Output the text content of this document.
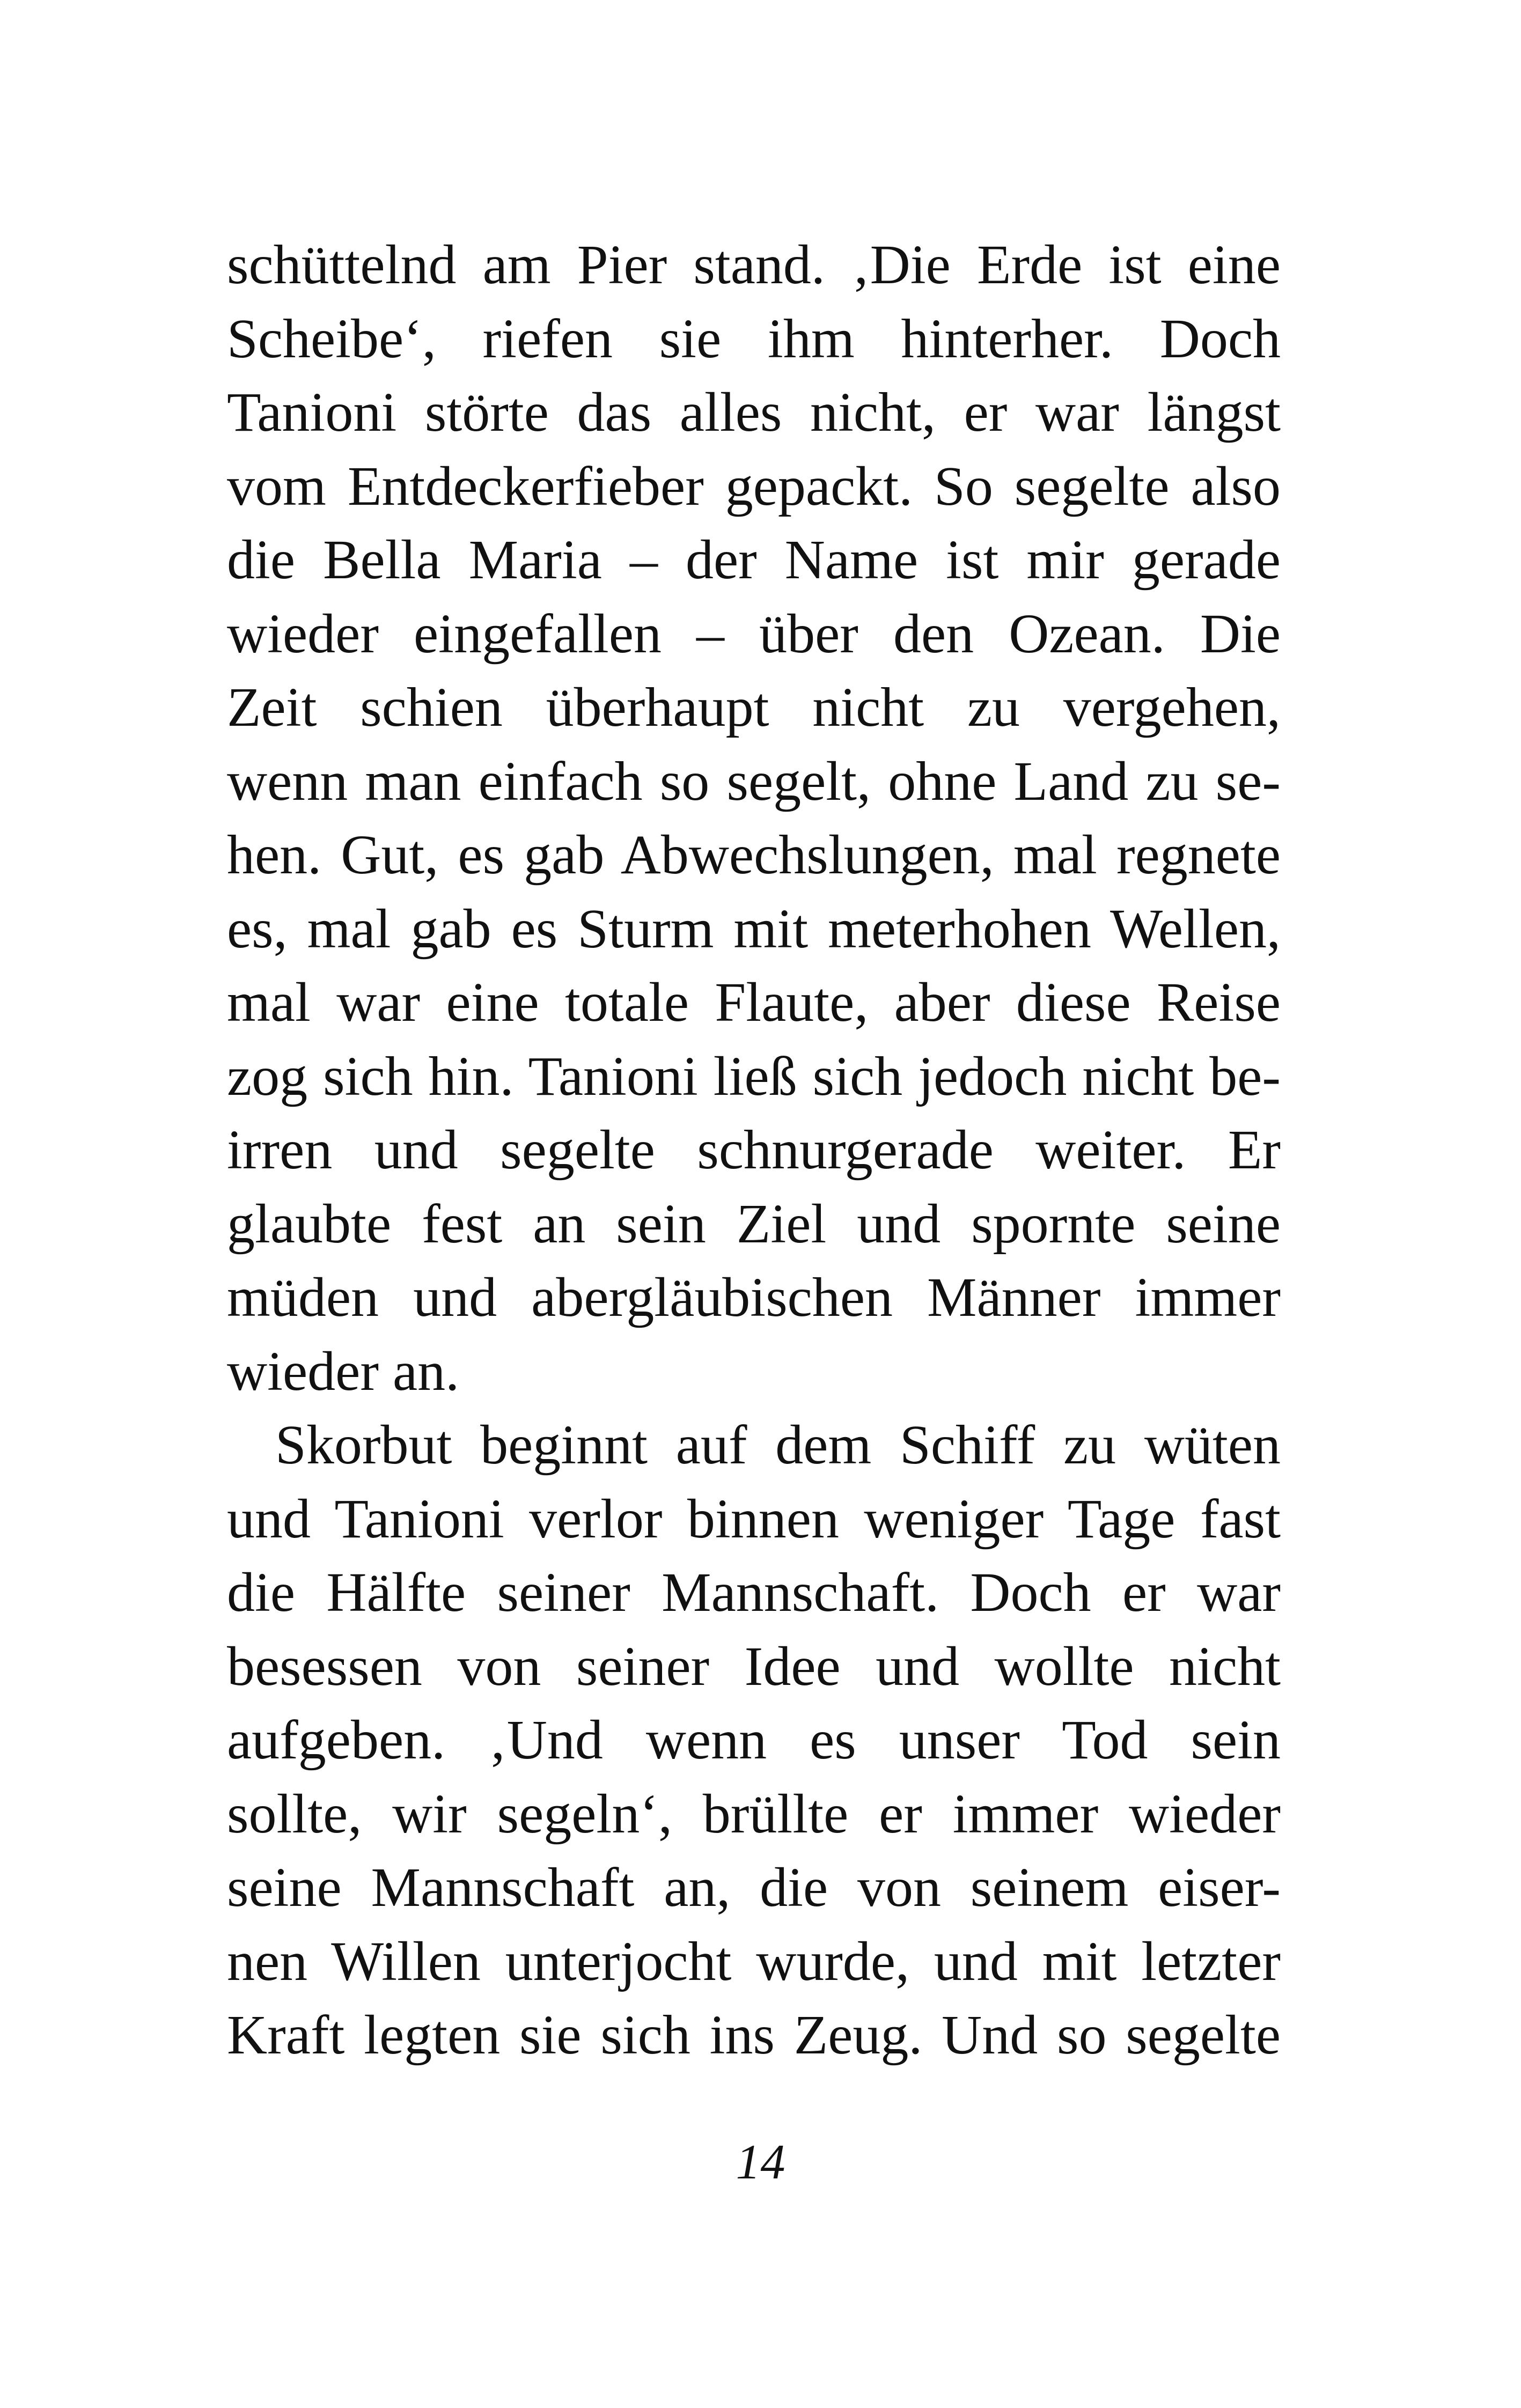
schüttelnd am Pier stand. ‚Die Erde ist eine
Scheibe‘, riefen sie ihm hinterher. Doch
Tanioni störte das alles nicht, er war längst
vom Entdeckerfieber gepackt. So segelte also
die Bella Maria – der Name ist mir gerade
wieder eingefallen – über den Ozean. Die
Zeit schien überhaupt nicht zu vergehen,
wenn man einfach so segelt, ohne Land zu se-
hen. Gut, es gab Abwechslungen, mal regnete
es, mal gab es Sturm mit meterhohen Wellen,
mal war eine totale Flaute, aber diese Reise
zog sich hin. Tanioni ließ sich jedoch nicht be-
irren und segelte schnurgerade weiter. Er
glaubte fest an sein Ziel und spornte seine
müden und abergläubischen Männer immer
wieder an.
Skorbut beginnt auf dem Schiff zu wüten
und Tanioni verlor binnen weniger Tage fast
die Hälfte seiner Mannschaft. Doch er war
besessen von seiner Idee und wollte nicht
aufgeben. ‚Und wenn es unser Tod sein
sollte, wir segeln‘, brüllte er immer wieder
seine Mannschaft an, die von seinem eiser-
nen Willen unterjocht wurde, und mit letzter
Kraft legten sie sich ins Zeug. Und so segelte
14
